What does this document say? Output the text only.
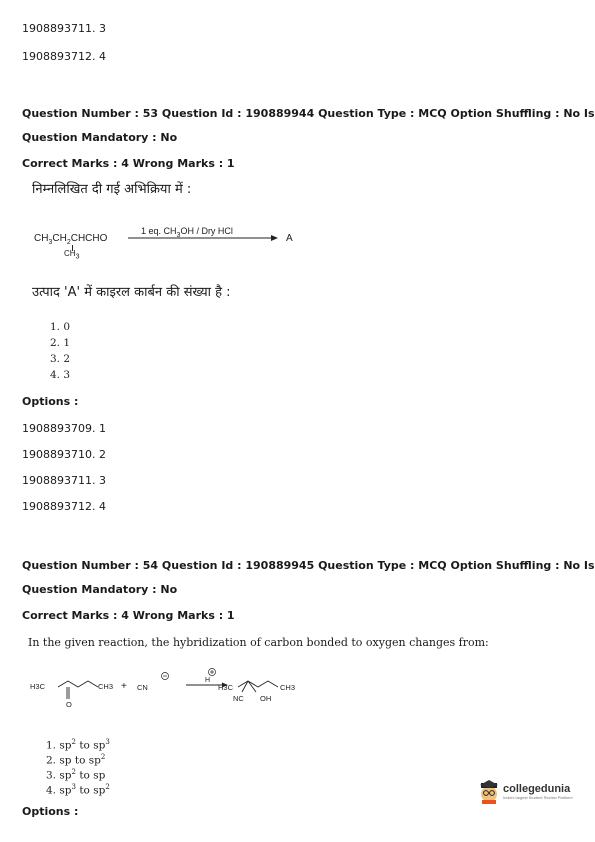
1908893711. 3
1908893712. 4
Question Number : 53 Question Id : 190889944 Question Type : MCQ Option Shuffling : No Is
Question Mandatory : No
Correct Marks : 4 Wrong Marks : 1
निम्नलिखित दी गई अभिक्रिया में :
$CH_3CH_2CHCHO$
$CH_3$
1 eq. $CH_3OH$ / Dry HCl
A
उत्पाद 'A' में काइरल कार्बन की संख्या है :
1. 0
2. 1
3. 2
4. 3
Options :
1908893709. 1
1908893710. 2
1908893711. 3
1908893712. 4
Question Number : 54 Question Id : 190889945 Question Type : MCQ Option Shuffling : No Is
Question Mandatory : No
Correct Marks : 4 Wrong Marks : 1
In the given reaction, the hybridization of carbon bonded to oxygen changes from:
H3C	CH3
O
+ CN
H
H3C	CH3
NC OH
1. $sp^2$ to $sp^3$
2. sp to $sp^2$
3. $sp^2$ to sp
4. $sp^3$ to $sp^2$
Options :
collegedunia
India's largest Student Review Platform
